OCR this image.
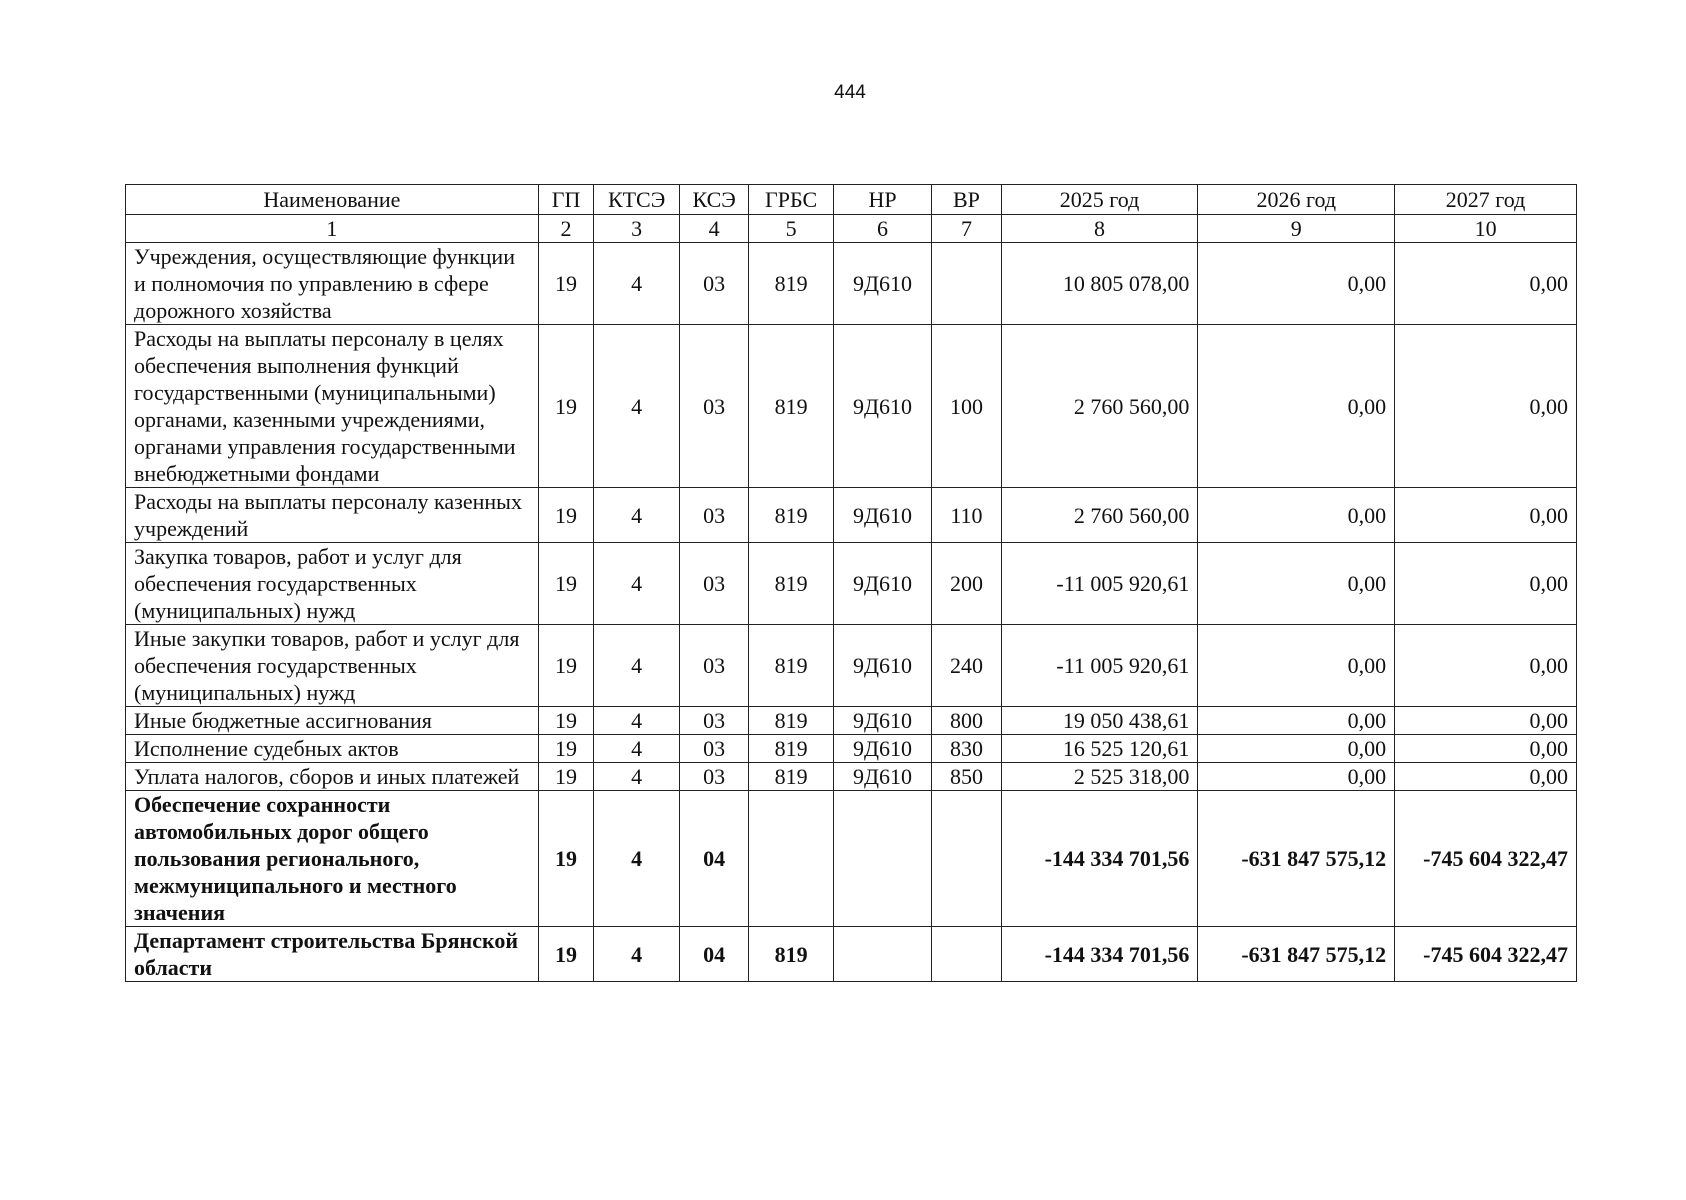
444
Наименование	ГП	КТСЭ	КСЭ	ГРБС	НР	ВР	2025 год	2026 год	2027 год
1	2	3	4	5	6	7	8	9	10
Учреждения, осуществляющие функции и полномочия по управлению в сфере дорожного хозяйства	19	4	03	819	9Д610		10 805 078,00	0,00	0,00
Расходы на выплаты персоналу в целях обеспечения выполнения функций государственными (муниципальными) органами, казенными учреждениями, органами управления государственными внебюджетными фондами	19	4	03	819	9Д610	100	2 760 560,00	0,00	0,00
Расходы на выплаты персоналу казенных учреждений	19	4	03	819	9Д610	110	2 760 560,00	0,00	0,00
Закупка товаров, работ и услуг для обеспечения государственных (муниципальных) нужд	19	4	03	819	9Д610	200	-11 005 920,61	0,00	0,00
Иные закупки товаров, работ и услуг для обеспечения государственных (муниципальных) нужд	19	4	03	819	9Д610	240	-11 005 920,61	0,00	0,00
Иные бюджетные ассигнования	19	4	03	819	9Д610	800	19 050 438,61	0,00	0,00
Исполнение судебных актов	19	4	03	819	9Д610	830	16 525 120,61	0,00	0,00
Уплата налогов, сборов и иных платежей	19	4	03	819	9Д610	850	2 525 318,00	0,00	0,00
Обеспечение сохранности автомобильных дорог общего пользования регионального, межмуниципального и местного значения	19	4	04				-144 334 701,56	-631 847 575,12	-745 604 322,47
Департамент строительства Брянской области	19	4	04	819			-144 334 701,56	-631 847 575,12	-745 604 322,47
